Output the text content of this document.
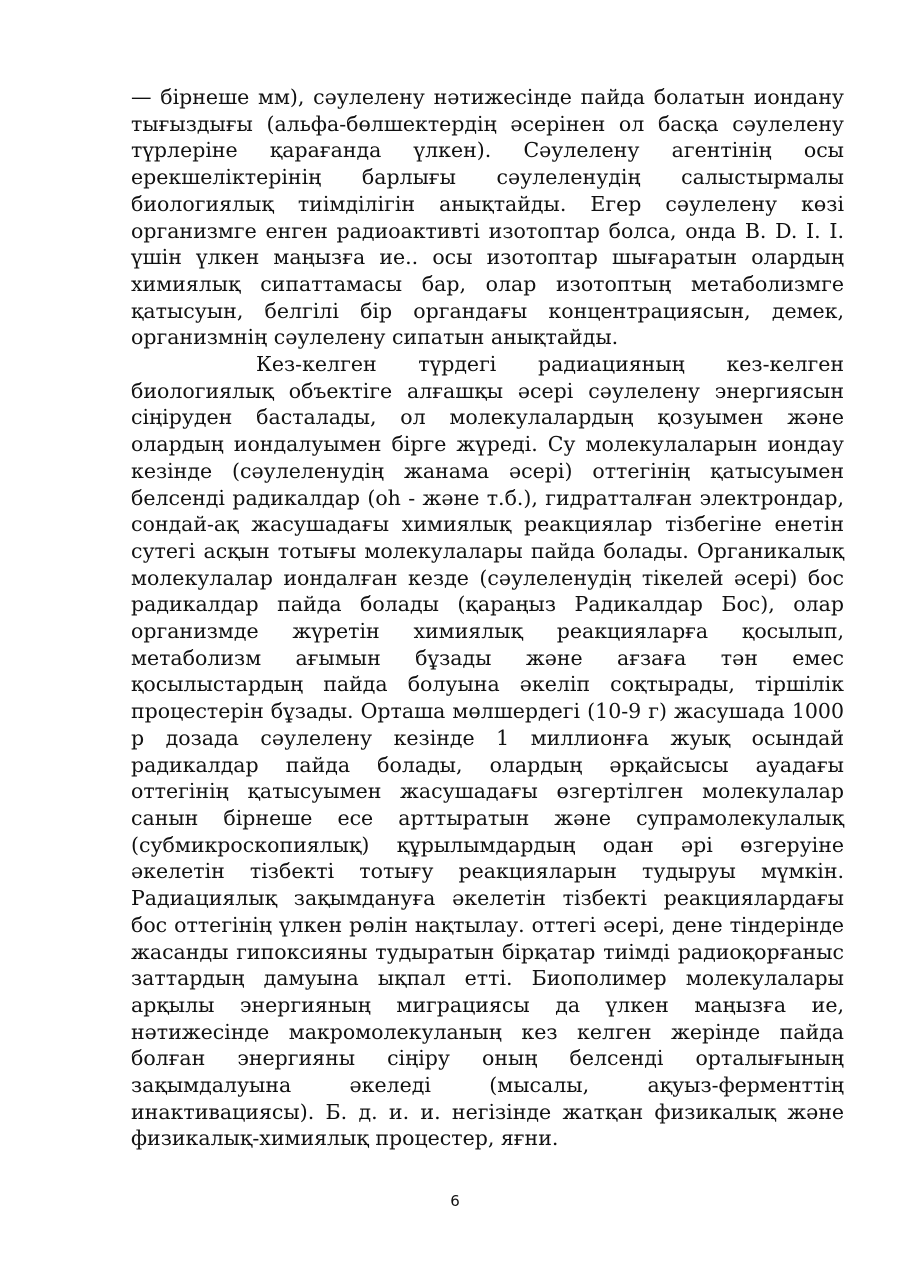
— бірнеше мм), сәулелену нәтижесінде пайда болатын иондану тығыздығы (альфа-бөлшектердің әсерінен ол басқа сәулелену түрлеріне қарағанда үлкен). Сәулелену агентінің осы ерекшеліктерінің барлығы сәулеленудің салыстырмалы биологиялық тиімділігін анықтайды. Егер сәулелену көзі организмге енген радиоактивті изотоптар болса, онда В. D. I. I. үшін үлкен маңызға ие.. осы изотоптар шығаратын олардың химиялық сипаттамасы бар, олар изотоптың метаболизмге қатысуын, белгілі бір органдағы концентрациясын, демек, организмнің сәулелену сипатын анықтайды.

Кез-келген түрдегі радиацияның кез-келген биологиялық объектіге алғашқы әсері сәулелену энергиясын сіңіруден басталады, ол молекулалардың қозуымен және олардың иондалуымен бірге жүреді. Су молекулаларын иондау кезінде (сәулеленудің жанама әсері) оттегінің қатысуымен белсенді радикалдар (oh - және т.б.), гидратталған электрондар, сондай-ақ жасушадағы химиялық реакциялар тізбегіне енетін сутегі асқын тотығы молекулалары пайда болады. Органикалық молекулалар иондалған кезде (сәулеленудің тікелей әсері) бос радикалдар пайда болады (қараңыз Радикалдар Бос), олар организмде жүретін химиялық реакцияларға қосылып, метаболизм ағымын бұзады және ағзаға тән емес қосылыстардың пайда болуына әкеліп соқтырады, тіршілік процестерін бұзады. Орташа мөлшердегі (10-9 г) жасушада 1000 р дозада сәулелену кезінде 1 миллионға жуық осындай радикалдар пайда болады, олардың әрқайсысы ауадағы оттегінің қатысуымен жасушадағы өзгертілген молекулалар санын бірнеше есе арттыратын және супрамолекулалық (субмикроскопиялық) құрылымдардың одан әрі өзгеруіне әкелетін тізбекті тотығу реакцияларын тудыруы мүмкін. Радиациялық зақымдануға әкелетін тізбекті реакциялардағы бос оттегінің үлкен рөлін нақтылау. оттегі әсері, дене тіндерінде жасанды гипоксияны тудыратын бірқатар тиімді радиоқорғаныс заттардың дамуына ықпал етті. Биополимер молекулалары арқылы энергияның миграциясы да үлкен маңызға ие, нәтижесінде макромолекуланың кез келген жерінде пайда болған энергияны сіңіру оның белсенді орталығының зақымдалуына әкеледі (мысалы, ақуыз-ферменттің инактивациясы). Б. д. и. и. негізінде жатқан физикалық және физикалық-химиялық процестер, яғни.

6
